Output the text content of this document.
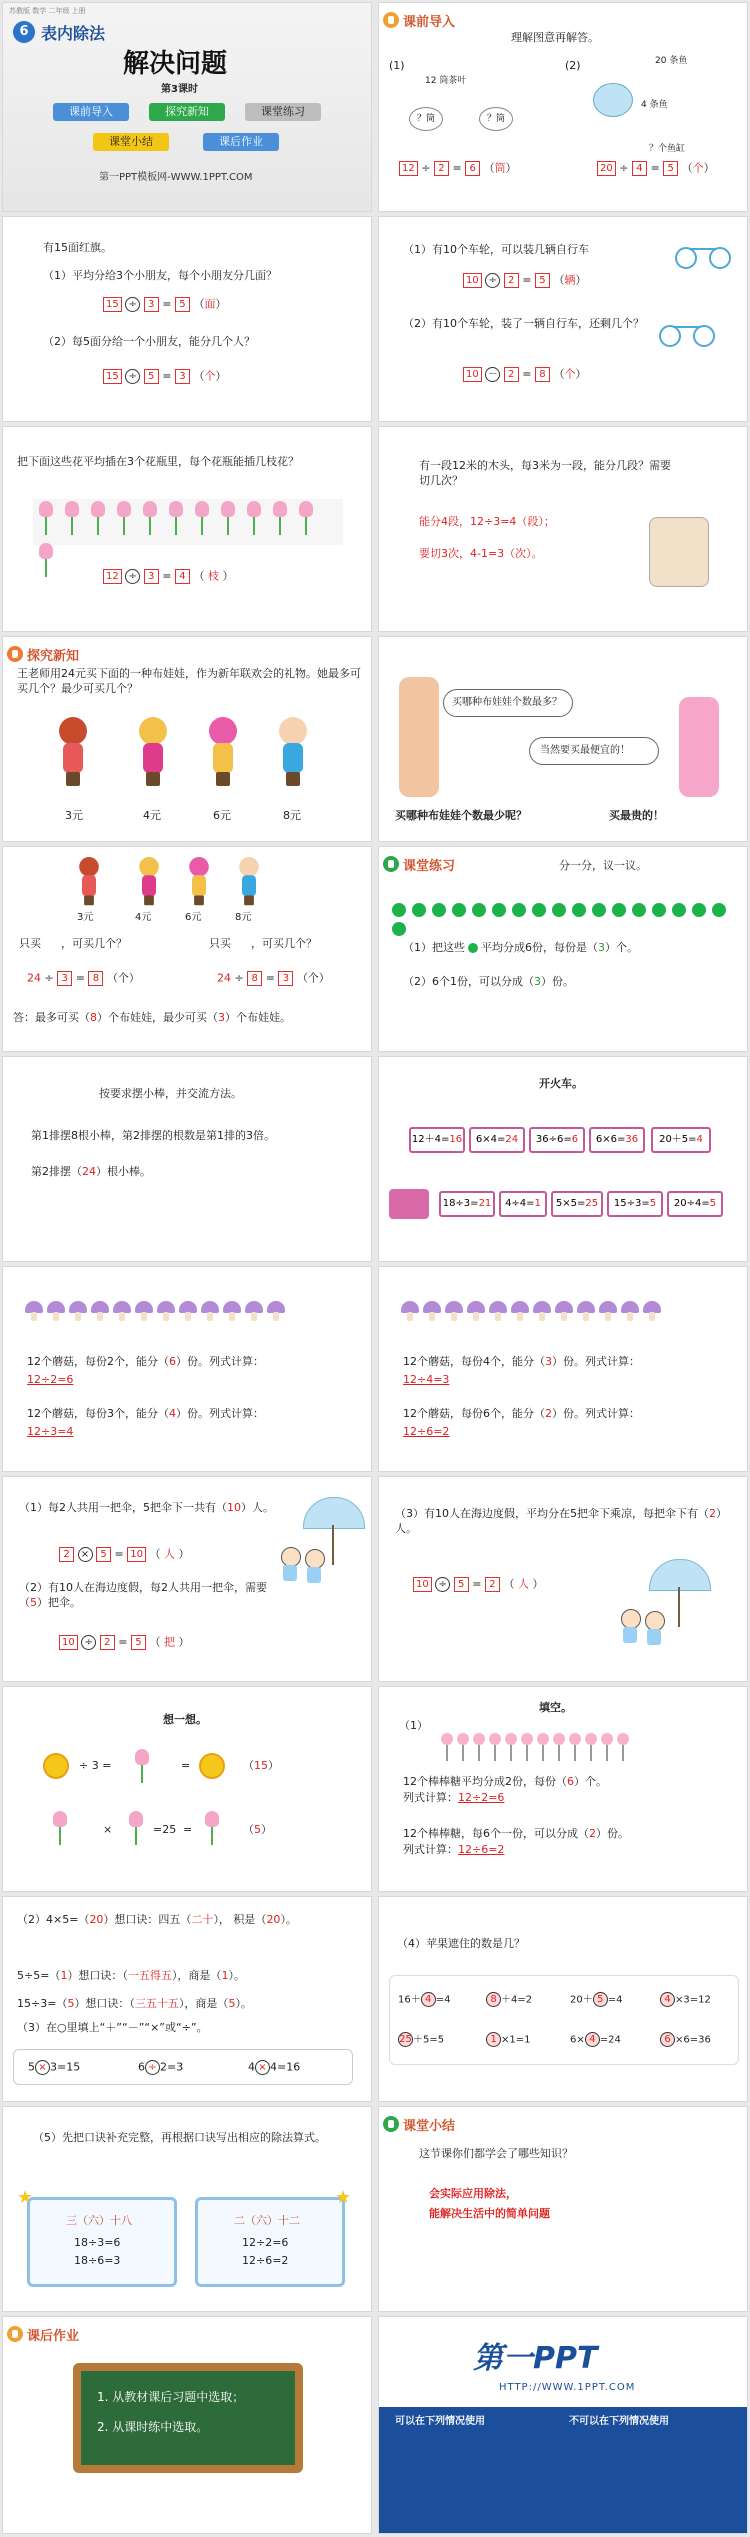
苏教版 数学 二年级 上册
6 表内除法
解决问题
第3课时
课前导入	探究新知	课堂练习
课堂小结	课后作业
第一PPT模板网-WWW.1PPT.COM
课前导入
理解图意再解答。
(1)
12 筒茶叶
？筒	？筒
(2)	20 条鱼
4 条鱼
？个鱼缸
12 ÷ 2 = 6 （筒）	20 ÷ 4 = 5 （个）
有15面红旗。
（1）平均分给3个小朋友，每个小朋友分几面？
15 ÷ 3 = 5 （面）
（2）每5面分给一个小朋友，能分几个人？
15 ÷ 5 = 3 （个）
（1）有10个车轮，可以装几辆自行车
10 ÷ 2 = 5 （辆）
（2）有10个车轮，装了一辆自行车，还剩几个？
10 － 2 = 8 （个）
把下面这些花平均插在3个花瓶里，每个花瓶能插几枝花？
12 ÷ 3 = 4 （ 枝 ）
有一段12米的木头，每3米为一段，能分几段？需要切几次？
能分4段，12÷3=4（段）；
要切3次，4-1=3（次）。
探究新知
王老师用24元买下面的一种布娃娃，作为新年联欢会的礼物。她最多可买几个？最少可买几个？
3元	4元	6元	8元
买哪种布娃娃个数最多？
当然要买最便宜的！
买哪种布娃娃个数最少呢？	买最贵的！
3元	4元	6元	8元
只买 ，可买几个？	只买 ，可买几个？
24 ÷ 3 = 8 （个）	24 ÷ 8 = 3 （个）
答：最多可买（8）个布娃娃，最少可买（3）个布娃娃。
课堂练习	分一分，议一议。
（1）把这些 平均分成6份，每份是（3）个。
（2）6个1份，可以分成（3）份。
按要求摆小棒，并交流方法。
第1排摆8根小棒，第2排摆的根数是第1排的3倍。
第2排摆（24）根小棒。
开火车。
12＋4=16	6×4=24	36÷6=6	6×6=36	20＋5=4
18÷3=21	4÷4=1	5×5=25	15÷3=5	20÷4=5
12个蘑菇，每份2个，能分（6）份。列式计算：
12÷2=6
12个蘑菇，每份3个，能分（4）份。列式计算：
12÷3=4
12个蘑菇，每份4个，能分（3）份。列式计算：
12÷4=3
12个蘑菇，每份6个，能分（2）份。列式计算：
12÷6=2
（1）每2人共用一把伞，5把伞下一共有（10）人。
2 × 5 = 10 （ 人 ）
（2）有10人在海边度假，每2人共用一把伞，需要（5）把伞。
10 ÷ 2 = 5 （ 把 ）
（3）有10人在海边度假，平均分在5把伞下乘凉，每把伞下有（2）人。
10 ÷ 5 = 2 （ 人 ）
想一想。
÷ 3 =	=	（15）
×	=25 =	（5）
填空。
（1）
12个棒棒糖平均分成2份，每份（6）个。
列式计算：12÷2=6
12个棒棒糖，每6个一份，可以分成（2）份。
列式计算：12÷6=2
（2）4×5=（20）想口诀：四五（二十）， 积是（20）。
5÷5=（1）想口诀：（一五得五），商是（1）。
15÷3=（5）想口诀：（三五十五），商是（5）。
（3）在○里填上“＋”“－”“×”或“÷”。
5 × 3=15	6 ÷ 2=3	4 × 4=16
（4）苹果遮住的数是几？
16＋ 4 =4	8 ＋4=2	20＋ 5 =4	4 ×3=12
25＋5=5	1 ×1=1	6× 4 =24	6 ×6=36
（5）先把口诀补充完整，再根据口诀写出相应的除法算式。
三（六）十八
18÷3=6
18÷6=3
二（六）十二
12÷2=6
12÷6=2
★	★
课堂小结
这节课你们都学会了哪些知识？
会实际应用除法，
能解决生活中的简单问题
课后作业
1. 从教材课后习题中选取；
2. 从课时练中选取。
第一PPT
HTTP://WWW.1PPT.COM
可以在下列情况使用	不可以在下列情况使用
